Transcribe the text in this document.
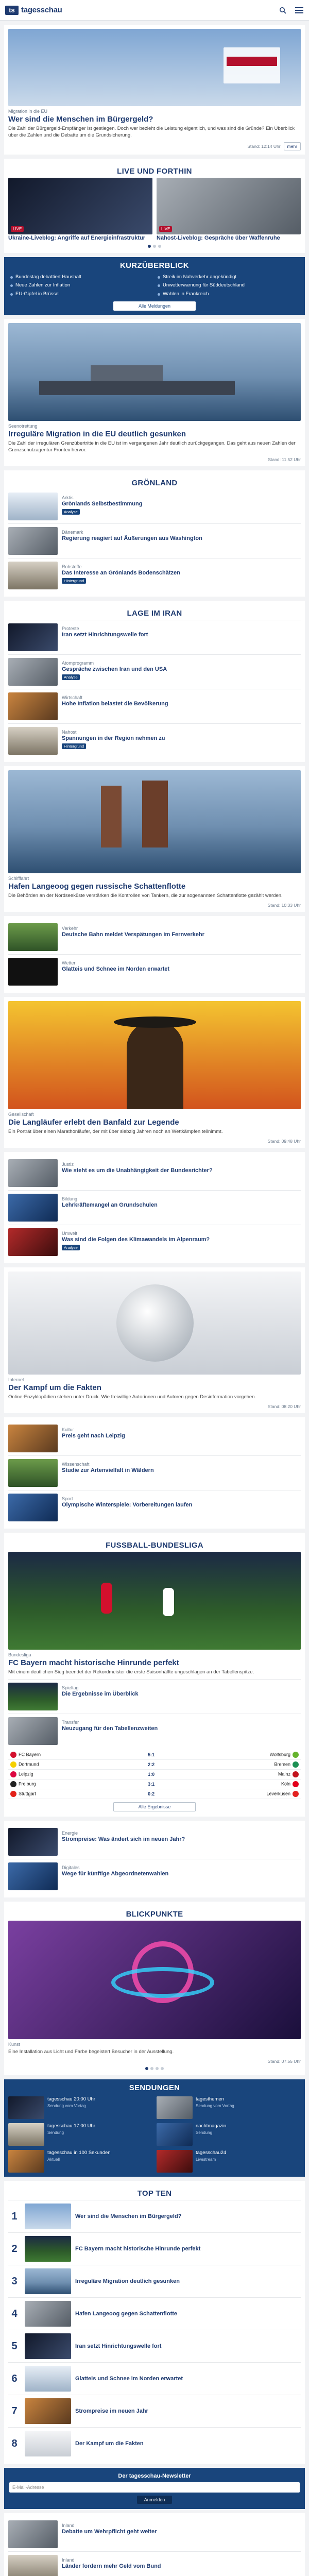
ts tagesschau
Migration in die EU
Wer sind die Menschen im Bürgergeld?

Die Zahl der Bürgergeld-Empfänger ist gestiegen. Doch wer bezieht die Leistung eigentlich, und was sind die Gründe? Ein Überblick über die Zahlen und die Debatte um die Grundsicherung.

Stand: 12:14 Uhr	mehr
LIVE UND FORTHIN
LIVE
Ukraine-Liveblog: Angriffe auf Energieinfrastruktur
LIVE
Nahost-Liveblog: Gespräche über Waffenruhe
KURZÜBERBLICK
Bundestag debattiert Haushalt	Streik im Nahverkehr angekündigt
Neue Zahlen zur Inflation	Unwetterwarnung für Süddeutschland
EU-Gipfel in Brüssel	Wahlen in Frankreich
Alle Meldungen
Seenotrettung
Irreguläre Migration in die EU deutlich gesunken

Die Zahl der irregulären Grenzübertritte in die EU ist im vergangenen Jahr deutlich zurückgegangen. Das geht aus neuen Zahlen der Grenzschutzagentur Frontex hervor.

Stand: 11:52 Uhr
GRÖNLAND
Arktis
Grönlands Selbstbestimmung
Analyse
Dänemark
Regierung reagiert auf Äußerungen aus Washington
Rohstoffe
Das Interesse an Grönlands Bodenschätzen
Hintergrund
LAGE IM IRAN
Proteste
Iran setzt Hinrichtungswelle fort
Atomprogramm
Gespräche zwischen Iran und den USA
Analyse
Wirtschaft
Hohe Inflation belastet die Bevölkerung
Nahost
Spannungen in der Region nehmen zu
Hintergrund
Schifffahrt
Hafen Langeoog gegen russische Schattenflotte

Die Behörden an der Nordseeküste verstärken die Kontrollen von Tankern, die zur sogenannten Schattenflotte gezählt werden.

Stand: 10:33 Uhr
Verkehr
Deutsche Bahn meldet Verspätungen im Fernverkehr
Wetter
Glatteis und Schnee im Norden erwartet
Gesellschaft
Die Langläufer erlebt den Banfald zur Legende

Ein Porträt über einen Marathonläufer, der mit über siebzig Jahren noch an Wettkämpfen teilnimmt.

Stand: 09:48 Uhr
Justiz
Wie steht es um die Unabhängigkeit der Bundesrichter?
Bildung
Lehrkräftemangel an Grundschulen
Umwelt
Was sind die Folgen des Klimawandels im Alpenraum?
Analyse
Internet
Der Kampf um die Fakten

Online-Enzyklopädien stehen unter Druck. Wie freiwillige Autorinnen und Autoren gegen Desinformation vorgehen.

Stand: 08:20 Uhr
Kultur
Preis geht nach Leipzig
Wissenschaft
Studie zur Artenvielfalt in Wäldern
Sport
Olympische Winterspiele: Vorbereitungen laufen
FUSSBALL-BUNDESLIGA
Bundesliga
FC Bayern macht historische Hinrunde perfekt

Mit einem deutlichen Sieg beendet der Rekordmeister die erste Saisonhälfte ungeschlagen an der Tabellenspitze.

Spieltag
Die Ergebnisse im Überblick
Transfer
Neuzugang für den Tabellenzweiten
FC Bayern	5:1	Wolfsburg
Dortmund	2:2	Bremen
Leipzig	1:0	Mainz
Freiburg	3:1	Köln
Stuttgart	0:2	Leverkusen
Alle Ergebnisse
Energie
Strompreise: Was ändert sich im neuen Jahr?
Digitales
Wege für künftige Abgeordnetenwahlen
BLICKPUNKTE
Kunst

Eine Installation aus Licht und Farbe begeistert Besucher in der Ausstellung.

Stand: 07:55 Uhr
SENDUNGEN
tagesschau 20:00 Uhr
Sendung vom Vortag
tagesthemen
Sendung vom Vortag
tagesschau 17:00 Uhr
Sendung
nachtmagazin
Sendung
tagesschau in 100 Sekunden
Aktuell
tagesschau24
Livestream
TOP TEN
1	Wer sind die Menschen im Bürgergeld?
2	FC Bayern macht historische Hinrunde perfekt
3	Irreguläre Migration deutlich gesunken
4	Hafen Langeoog gegen Schattenflotte
5	Iran setzt Hinrichtungswelle fort
6	Glatteis und Schnee im Norden erwartet
7	Strompreise im neuen Jahr
8	Der Kampf um die Fakten
Der tagesschau-Newsletter
E-Mail-Adresse
Anmelden
Inland
Debatte um Wehrpflicht geht weiter
Inland
Länder fordern mehr Geld vom Bund
